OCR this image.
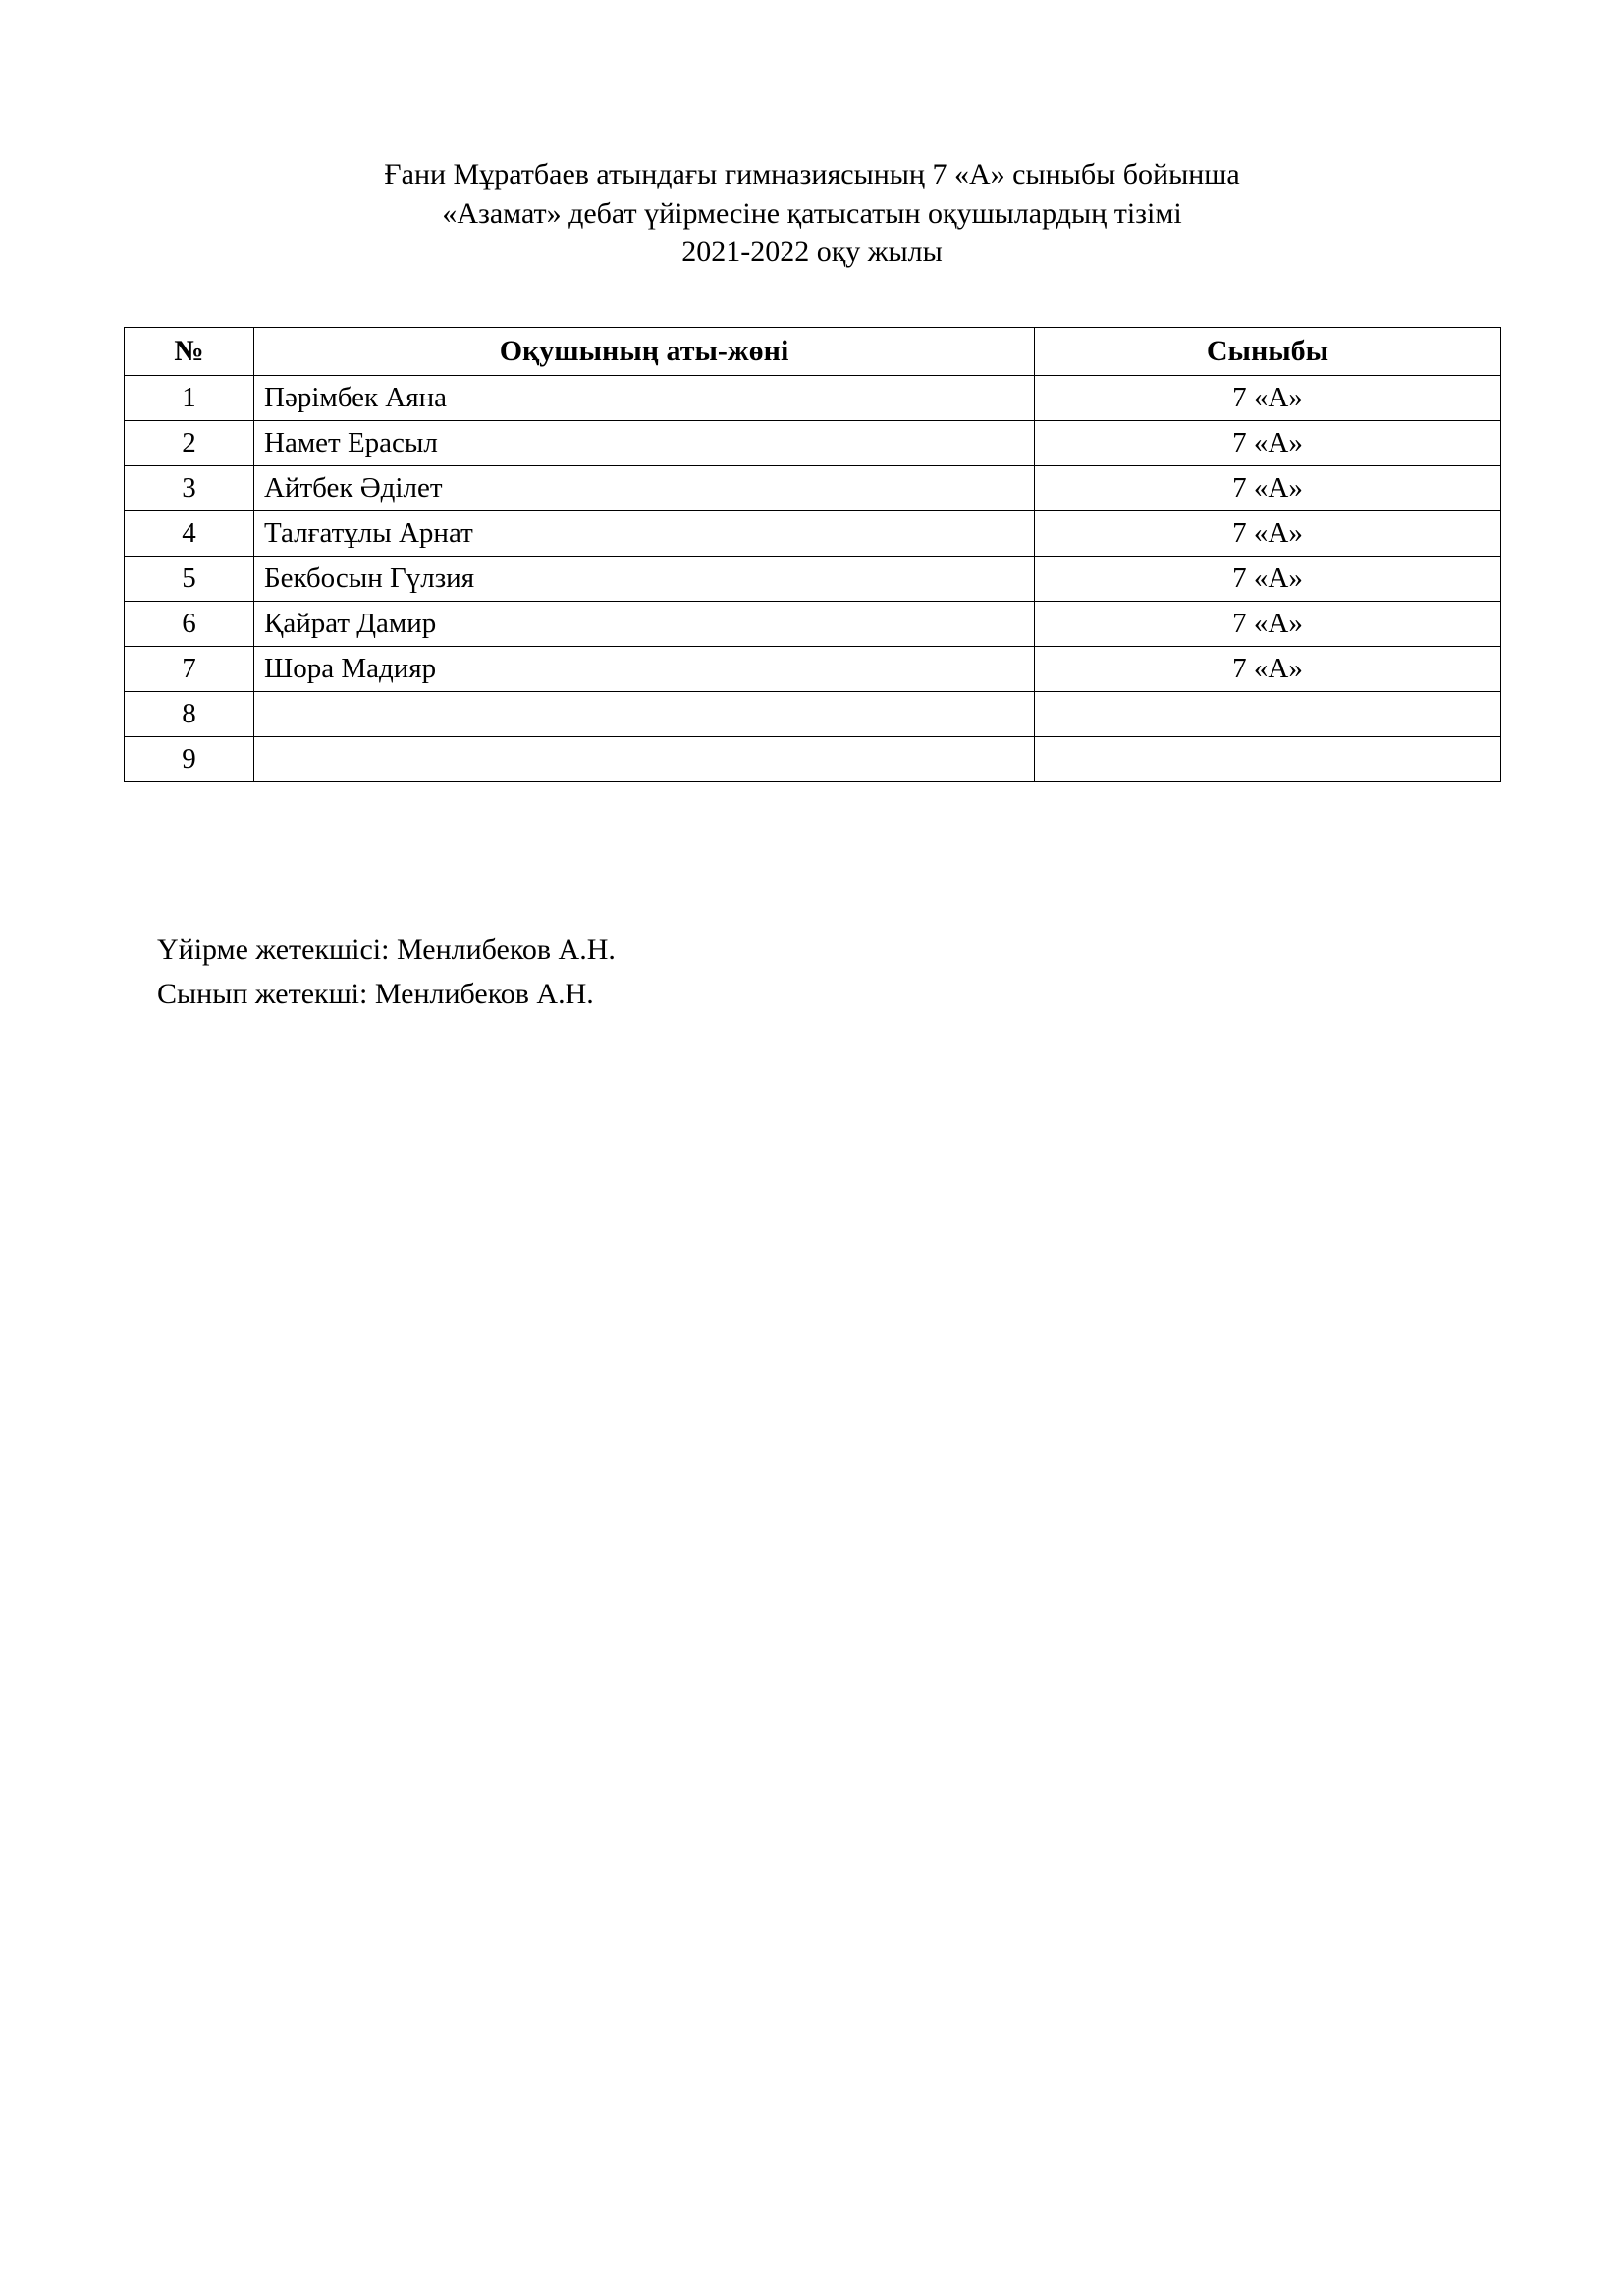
Ғани Мұратбаев атындағы гимназиясының 7 «А» сыныбы бойынша
«Азамат» дебат үйірмесіне қатысатын оқушылардың тізімі
2021-2022 оқу жылы
№	Оқушының аты-жөні	Сыныбы
1	Пәрімбек Аяна	7 «А»
2	Намет Ерасыл	7 «А»
3	Айтбек Әділет	7 «А»
4	Талғатұлы Арнат	7 «А»
5	Бекбосын Гүлзия	7 «А»
6	Қайрат Дамир	7 «А»
7	Шора Мадияр	7 «А»
8		
9		
Үйірме жетекшісі: Менлибеков А.Н.
Сынып жетекші: Менлибеков А.Н.
